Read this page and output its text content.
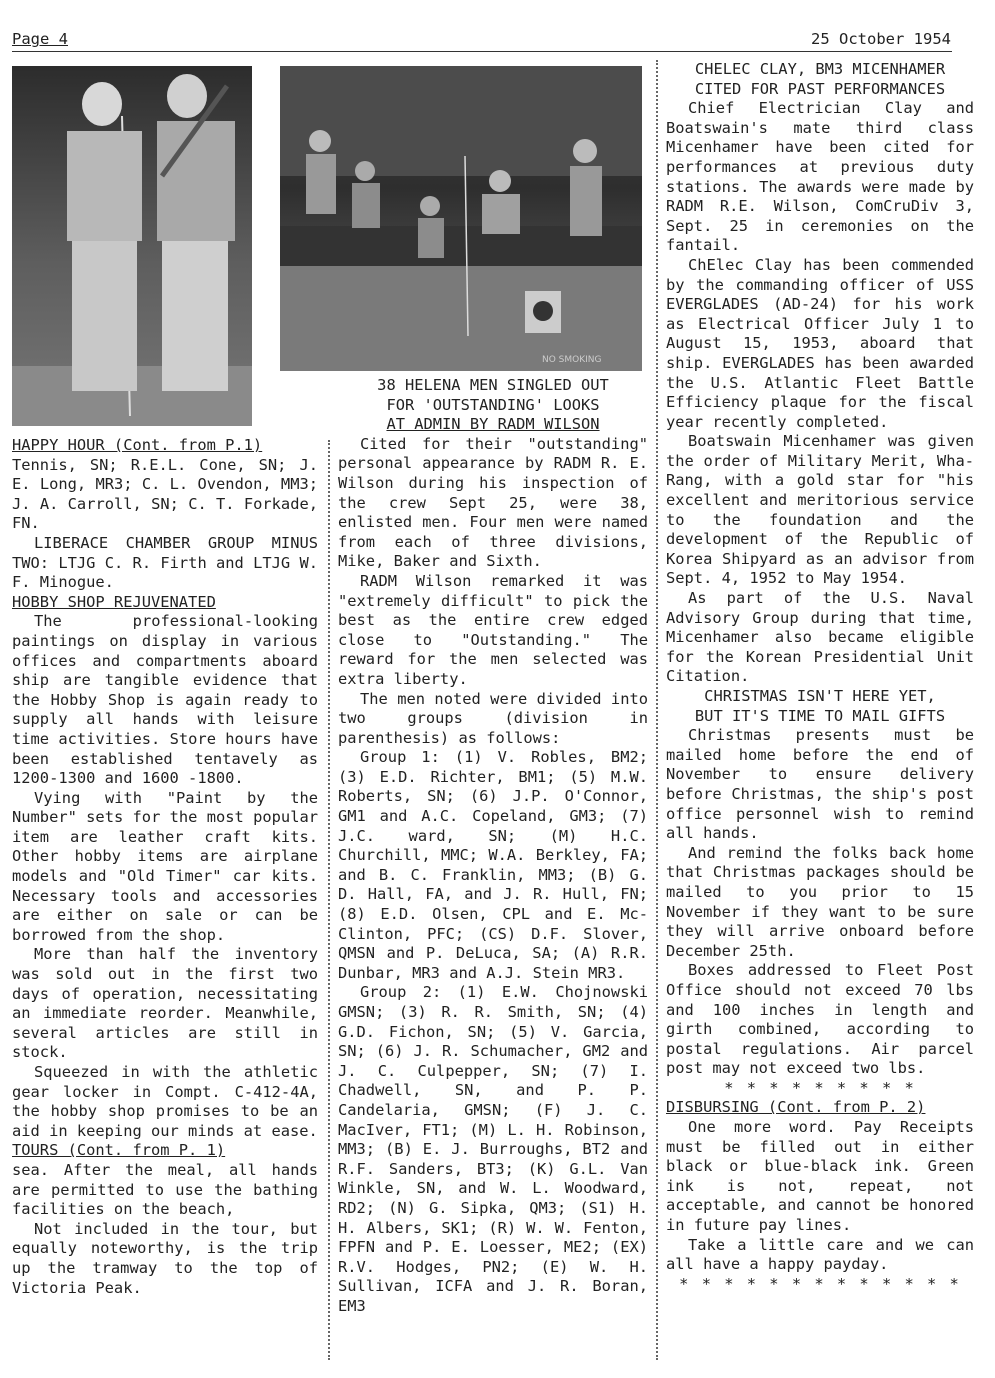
Page 4	25 October 1954
NO SMOKING

HAPPY HOUR (Cont. from P.1)

Tennis, SN; R.E.L. Cone, SN; J. E. Long, MR3; C. L. Ovendon, MM3; J. A. Carroll, SN; C. T. Forkade, FN.

LIBERACE CHAMBER GROUP MINUS TWO: LTJG C. R. Firth and LTJG W. F. Minogue.

HOBBY SHOP REJUVENATED

The professional-looking paintings on display in various offices and compartments aboard ship are tangible evidence that the Hobby Shop is again ready to supply all hands with leisure time activities. Store hours have been established tentavely as 1200-1300 and 1600 -1800.

Vying with "Paint by the Number" sets for the most popular item are leather craft kits. Other hobby items are airplane models and "Old Timer" car kits. Necessary tools and accessories are either on sale or can be borrowed from the shop.

More than half the inventory was sold out in the first two days of operation, necessitating an immediate reorder. Meanwhile, several articles are still in stock.

Squeezed in with the athletic gear locker in Compt. C-412-4A, the hobby shop promises to be an aid in keeping our minds at ease.

TOURS (Cont. from P. 1)

sea. After the meal, all hands are permitted to use the bathing facilities on the beach,

Not included in the tour, but equally noteworthy, is the trip up the tramway to the top of Victoria Peak.

38 HELENA MEN SINGLED OUT

FOR 'OUTSTANDING' LOOKS

AT ADMIN BY RADM WILSON

Cited for their "outstanding" personal appearance by RADM R. E. Wilson during his inspection of the crew Sept 25, were 38, enlisted men. Four men were named from each of three divisions, Mike, Baker and Sixth.

RADM Wilson remarked it was "extremely difficult" to pick the best as the entire crew edged close to "Outstanding." The reward for the men selected was extra liberty.

The men noted were divided into two groups (division in parenthesis) as follows:

Group 1: (1) V. Robles, BM2; (3) E.D. Richter, BM1; (5) M.W. Roberts, SN; (6) J.P. O'Connor, GM1 and A.C. Copeland, GM3; (7) J.C. ward, SN; (M) H.C. Churchill, MMC; W.A. Berkley, FA; and B. C. Franklin, MM3; (B) G. D. Hall, FA, and J. R. Hull, FN; (8) E.D. Olsen, CPL and E. Mc-Clinton, PFC; (CS) D.F. Slover, QMSN and P. DeLuca, SA; (A) R.R. Dunbar, MR3 and A.J. Stein MR3.

Group 2: (1) E.W. Chojnowski GMSN; (3) R. R. Smith, SN; (4) G.D. Fichon, SN; (5) V. Garcia, SN; (6) J. R. Schumacher, GM2 and J. C. Culpepper, SN; (7) I. Chadwell, SN, and P. P. Candelaria, GMSN; (F) J. C. MacIver, FT1; (M) L. H. Robinson, MM3; (B) E. J. Burroughs, BT2 and R.F. Sanders, BT3; (K) G.L. Van Winkle, SN, and W. L. Woodward, RD2; (N) G. Sipka, QM3; (S1) H. H. Albers, SK1; (R) W. W. Fenton, FPFN and P. E. Loesser, ME2; (EX) R.V. Hodges, PN2; (E) W. H. Sullivan, ICFA and J. R. Boran, EM3

CHELEC CLAY, BM3 MICENHAMER

CITED FOR PAST PERFORMANCES

Chief Electrician Clay and Boatswain's mate third class Micenhamer have been cited for performances at previous duty stations. The awards were made by RADM R.E. Wilson, ComCruDiv 3, Sept. 25 in ceremonies on the fantail.

ChElec Clay has been commended by the commanding officer of USS EVERGLADES (AD-24) for his work as Electrical Officer July 1 to August 15, 1953, aboard that ship. EVERGLADES has been awarded the U.S. Atlantic Fleet Battle Efficiency plaque for the fiscal year recently completed.

Boatswain Micenhamer was given the order of Military Merit, Wha-Rang, with a gold star for "his excellent and meritorious service to the foundation and the development of the Republic of Korea Shipyard as an advisor from Sept. 4, 1952 to May 1954.

As part of the U.S. Naval Advisory Group during that time, Micenhamer also became eligible for the Korean Presidential Unit Citation.

CHRISTMAS ISN'T HERE YET,

BUT IT'S TIME TO MAIL GIFTS

Christmas presents must be mailed home before the end of November to ensure delivery before Christmas, the ship's post office personnel wish to remind all hands.

And remind the folks back home that Christmas packages should be mailed to you prior to 15 November if they want to be sure they will arrive onboard before December 25th.

Boxes addressed to Fleet Post Office should not exceed 70 lbs and 100 inches in length and girth combined, according to postal regulations. Air parcel post may not exceed two lbs.

* * * * * * * * *

DISBURSING (Cont. from P. 2)

One more word. Pay Receipts must be filled out in either black or blue-black ink. Green ink is not, repeat, not acceptable, and cannot be honored in future pay lines.

Take a little care and we can all have a happy payday.

* * * * * * * * * * * * *
